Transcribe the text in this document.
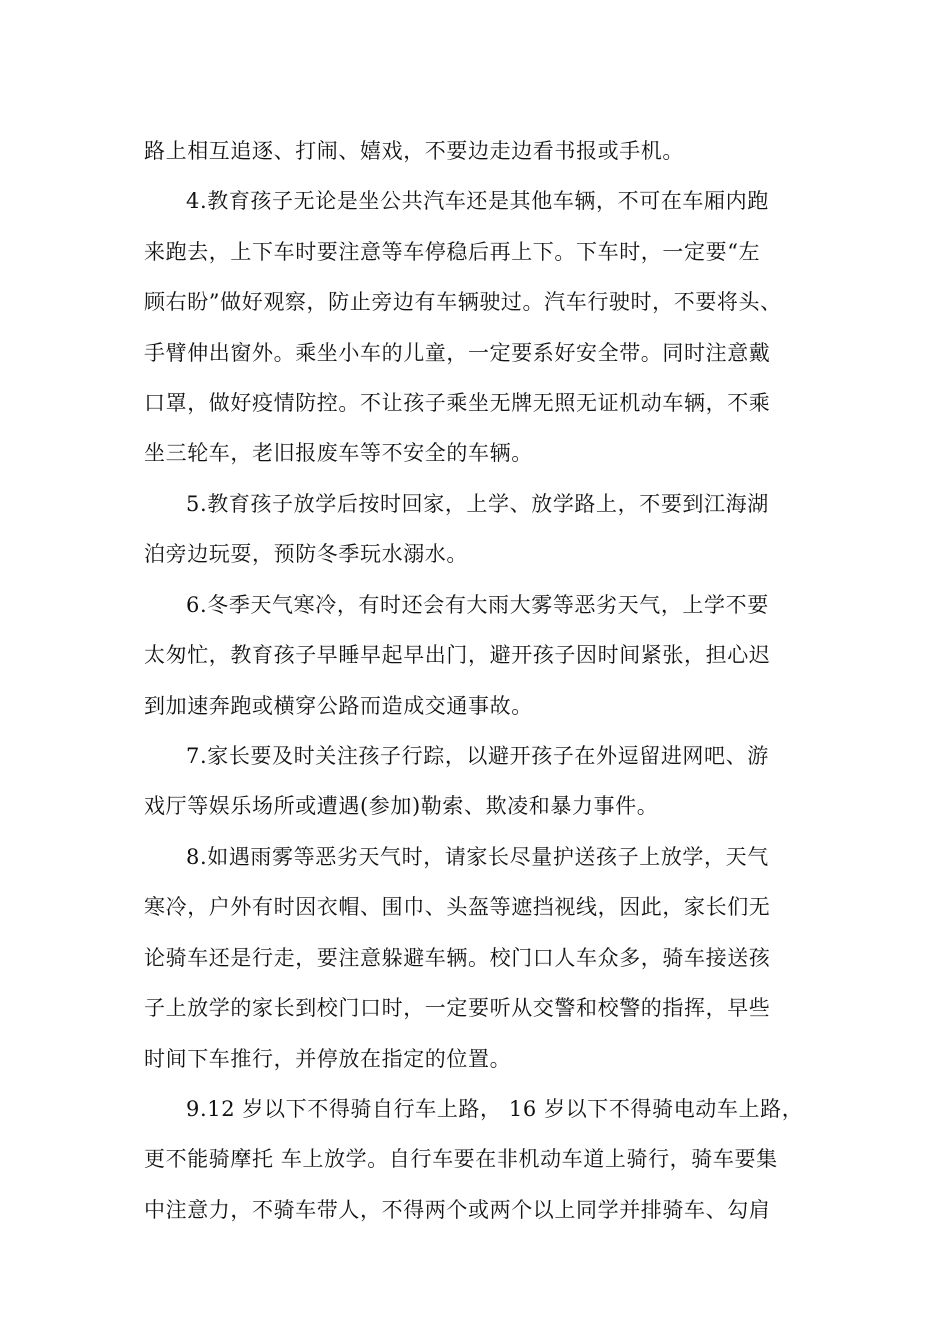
路上相互追逐、打闹、嬉戏，不要边走边看书报或手机。
4.教育孩子无论是坐公共汽车还是其他车辆，不可在车厢内跑
来跑去，上下车时要注意等车停稳后再上下。下车时，一定要“左
顾右盼”做好观察，防止旁边有车辆驶过。汽车行驶时，不要将头、
手臂伸出窗外。乘坐小车的儿童，一定要系好安全带。同时注意戴
口罩，做好疫情防控。不让孩子乘坐无牌无照无证机动车辆，不乘
坐三轮车，老旧报废车等不安全的车辆。
5.教育孩子放学后按时回家，上学、放学路上，不要到江海湖
泊旁边玩耍，预防冬季玩水溺水。
6.冬季天气寒冷，有时还会有大雨大雾等恶劣天气，上学不要
太匆忙，教育孩子早睡早起早出门，避开孩子因时间紧张，担心迟
到加速奔跑或横穿公路而造成交通事故。
7.家长要及时关注孩子行踪，以避开孩子在外逗留进网吧、游
戏厅等娱乐场所或遭遇(参加)勒索、欺凌和暴力事件。
8.如遇雨雾等恶劣天气时，请家长尽量护送孩子上放学，天气
寒冷，户外有时因衣帽、围巾、头盔等遮挡视线，因此，家长们无
论骑车还是行走，要注意躲避车辆。校门口人车众多，骑车接送孩
子上放学的家长到校门口时，一定要听从交警和校警的指挥，早些
时间下车推行，并停放在指定的位置。
9.12 岁以下不得骑自行车上路， 16 岁以下不得骑电动车上路，
更不能骑摩托 车上放学。自行车要在非机动车道上骑行，骑车要集
中注意力，不骑车带人，不得两个或两个以上同学并排骑车、勾肩
